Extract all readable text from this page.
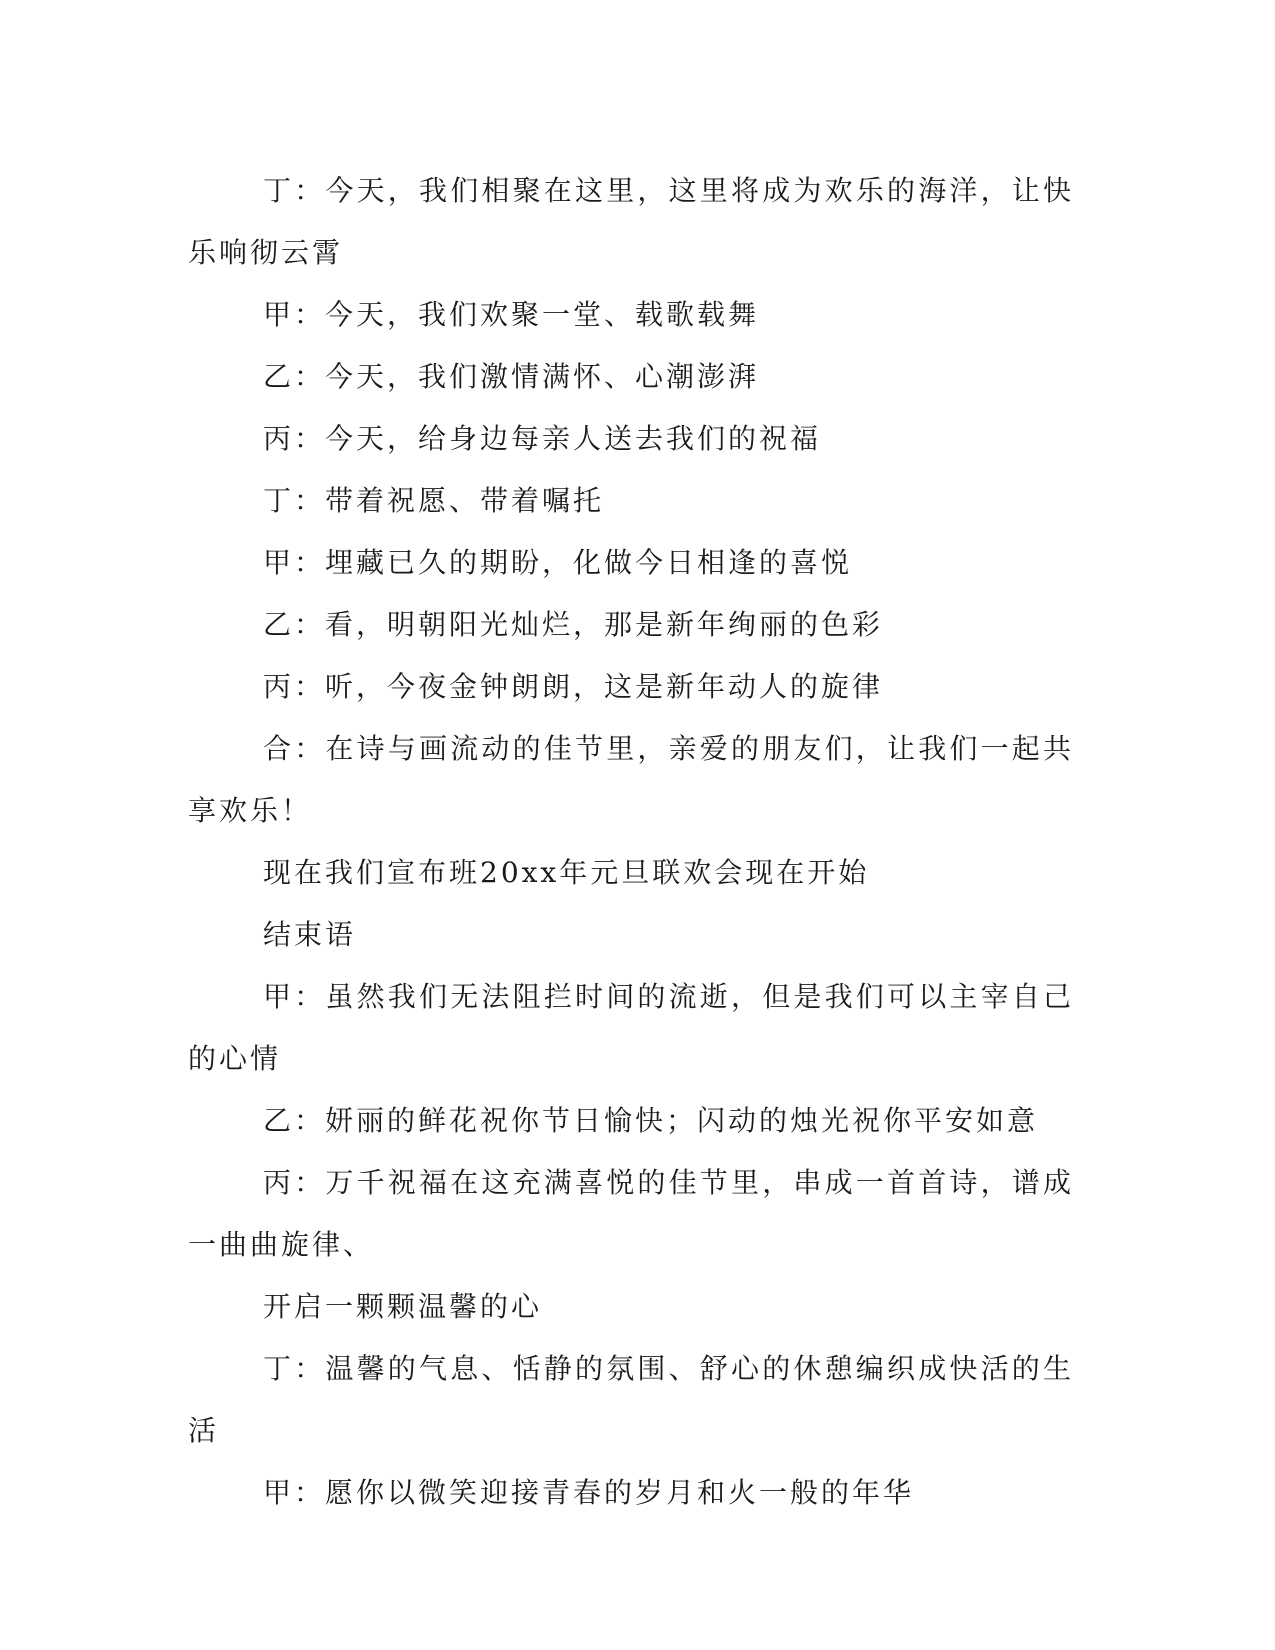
丁：今天，我们相聚在这里，这里将成为欢乐的海洋，让快乐响彻云霄

甲：今天，我们欢聚一堂、载歌载舞

乙：今天，我们激情满怀、心潮澎湃

丙：今天，给身边每亲人送去我们的祝福

丁：带着祝愿、带着嘱托

甲：埋藏已久的期盼，化做今日相逢的喜悦

乙：看，明朝阳光灿烂，那是新年绚丽的色彩

丙：听，今夜金钟朗朗，这是新年动人的旋律

合：在诗与画流动的佳节里，亲爱的朋友们，让我们一起共享欢乐！

现在我们宣布班20xx年元旦联欢会现在开始

结束语

甲：虽然我们无法阻拦时间的流逝，但是我们可以主宰自己的心情

乙：妍丽的鲜花祝你节日愉快；闪动的烛光祝你平安如意

丙：万千祝福在这充满喜悦的佳节里，串成一首首诗，谱成一曲曲旋律、

开启一颗颗温馨的心

丁：温馨的气息、恬静的氛围、舒心的休憩编织成快活的生活

甲：愿你以微笑迎接青春的岁月和火一般的年华
